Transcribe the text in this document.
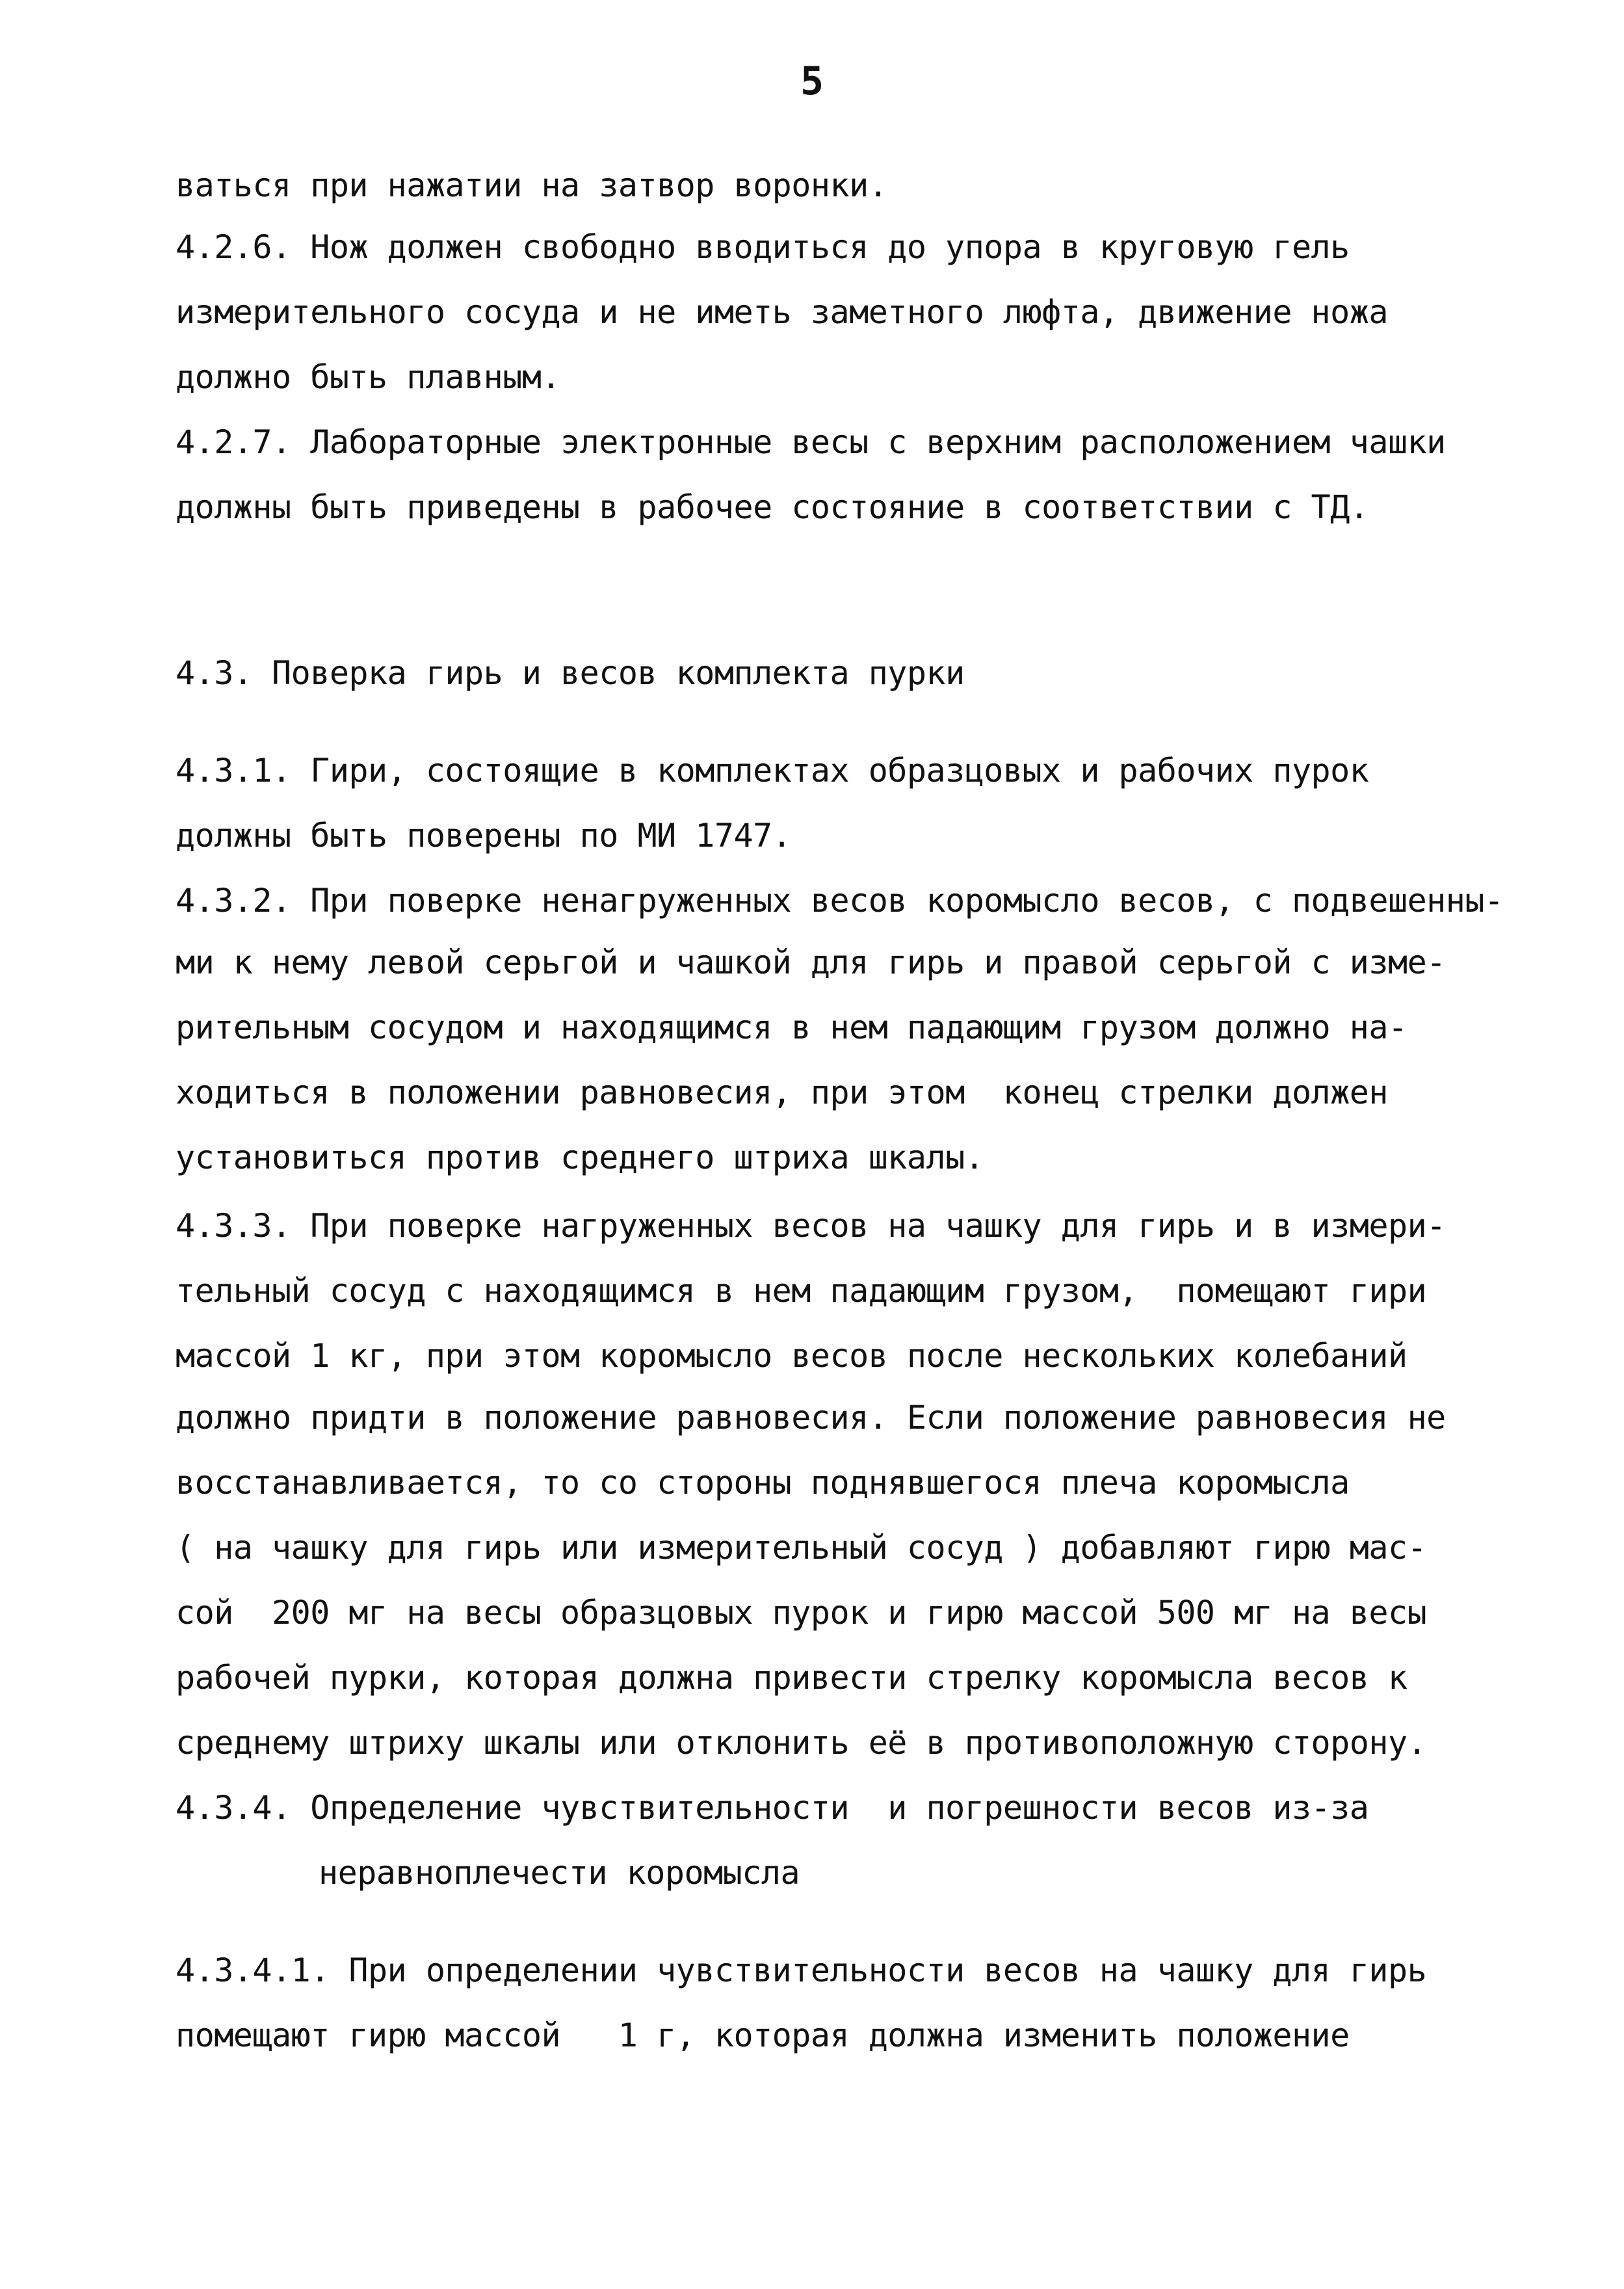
5
ваться при нажатии на затвор воронки.
4.2.6. Нож должен свободно вводиться до упора в круговую гель
измерительного сосуда и не иметь заметного люфта, движение ножа
должно быть плавным.
4.2.7. Лабораторные электронные весы с верхним расположением чашки
должны быть приведены в рабочее состояние в соответствии с ТД.
4.3. Поверка гирь и весов комплекта пурки
4.3.1. Гири, состоящие в комплектах образцовых и рабочих пурок
должны быть поверены по МИ 1747.
4.3.2. При поверке ненагруженных весов коромысло весов, с подвешенны-
ми к нему левой серьгой и чашкой для гирь и правой серьгой с изме-
рительным сосудом и находящимся в нем падающим грузом должно на-
ходиться в положении равновесия, при этом  конец стрелки должен
установиться против среднего штриха шкалы.
4.3.3. При поверке нагруженных весов на чашку для гирь и в измери-
тельный сосуд с находящимся в нем падающим грузом,  помещают гири
массой 1 кг, при этом коромысло весов после нескольких колебаний
должно придти в положение равновесия. Если положение равновесия не
восстанавливается, то со стороны поднявшегося плеча коромысла
( на чашку для гирь или измерительный сосуд ) добавляют гирю мас-
сой  200 мг на весы образцовых пурок и гирю массой 500 мг на весы
рабочей пурки, которая должна привести стрелку коромысла весов к
среднему штриху шкалы или отклонить её в противоположную сторону.
4.3.4. Определение чувствительности  и погрешности весов из-за
неравноплечести коромысла
4.3.4.1. При определении чувствительности весов на чашку для гирь
помещают гирю массой   1 г, которая должна изменить положение
